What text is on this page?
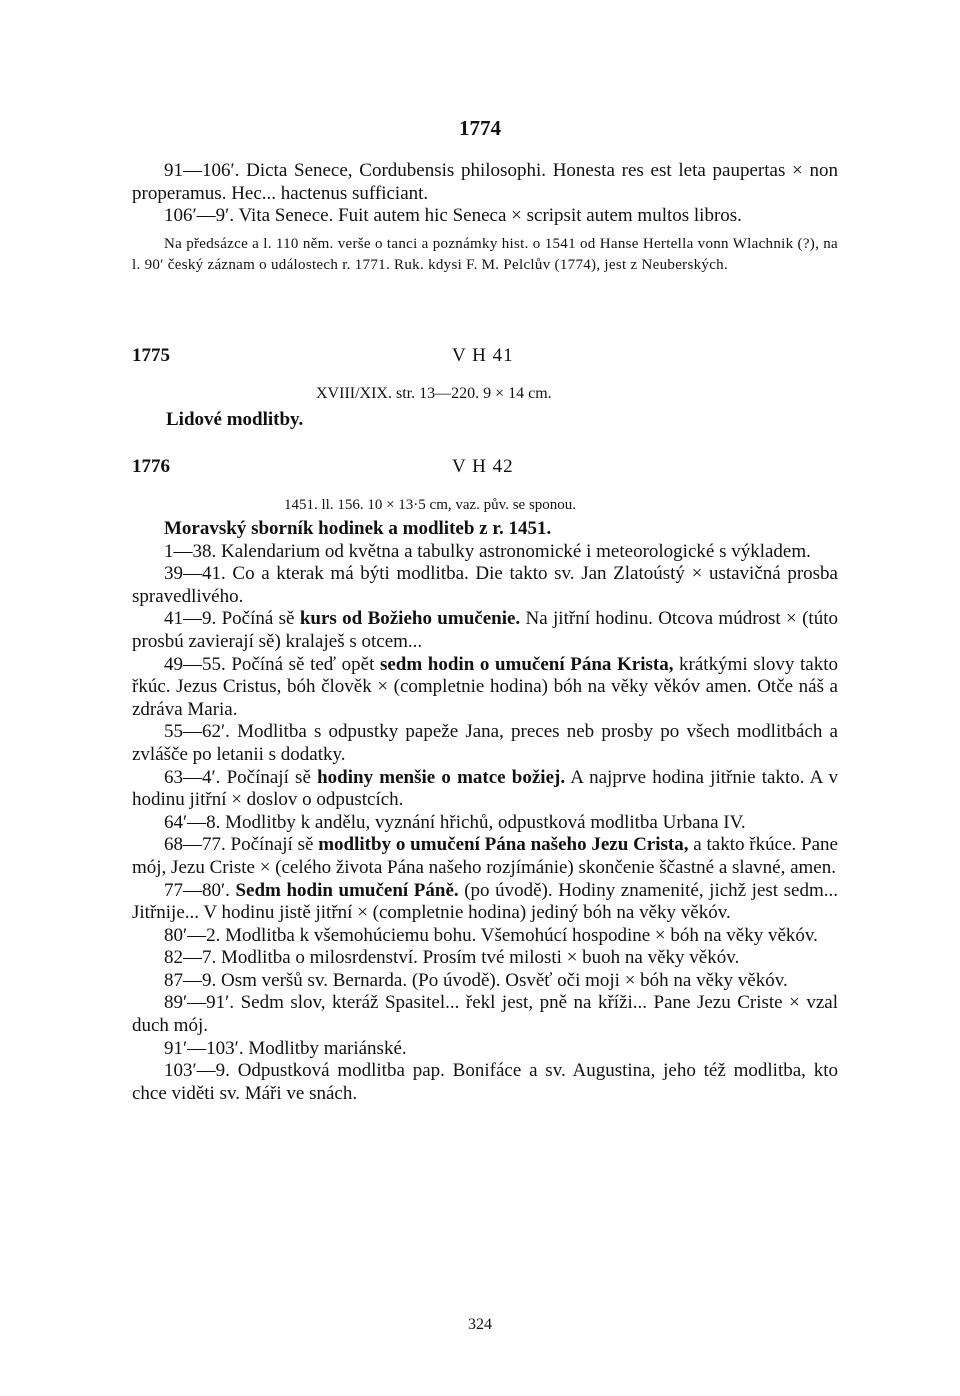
1774

91—106′. Dicta Senece, Cordubensis philosophi. Honesta res est leta paupertas × non properamus. Hec... hactenus sufficiant.

106′—9′. Vita Senece. Fuit autem hic Seneca × scripsit autem multos libros.

Na předsázce a l. 110 něm. verše o tanci a poznámky hist. o 1541 od Hanse Hertella vonn Wlachnik (?), na l. 90′ český záznam o událostech r. 1771. Ruk. kdysi F. M. Pelclův (1774), jest z Neuberských.

1775	V H 41
XVIII/XIX. str. 13—220. 9 × 14 cm.
Lidové modlitby.
1776	V H 42
1451. ll. 156. 10 × 13·5 cm, vaz. pův. se sponou.

Moravský sborník hodinek a modliteb z r. 1451.

1—38. Kalendarium od května a tabulky astronomické i meteorologické s výkladem.

39—41. Co a kterak má býti modlitba. Die takto sv. Jan Zlatoústý × ustavičná prosba spravedlivého.

41—9. Počíná sě kurs od Božieho umučenie. Na jitřní hodinu. Otcova múdrost × (túto prosbú zavierají sě) kralaješ s otcem...

49—55. Počíná sě teď opět sedm hodin o umučení Pána Krista, krátkými slovy takto řkúc. Jezus Cristus, bóh člověk × (completnie hodina) bóh na věky věkóv amen. Otče náš a zdráva Maria.

55—62′. Modlitba s odpustky papeže Jana, preces neb prosby po všech modlitbách a zvlášče po letanii s dodatky.

63—4′. Počínají sě hodiny menšie o matce božiej. A najprve hodina jitřnie takto. A v hodinu jitřní × doslov o odpustcích.

64′—8. Modlitby k andělu, vyznání hřichů, odpustková modlitba Urbana IV.

68—77. Počínají sě modlitby o umučení Pána našeho Jezu Crista, a takto řkúce. Pane mój, Jezu Criste × (celého života Pána našeho rozjímánie) skončenie ščastné a slavné, amen.

77—80′. Sedm hodin umučení Páně. (po úvodě). Hodiny znamenité, jichž jest sedm... Jitřnije... V hodinu jistě jitřní × (completnie hodina) jediný bóh na věky věkóv.

80′—2. Modlitba k všemohúciemu bohu. Všemohúcí hospodine × bóh na věky věkóv.

82—7. Modlitba o milosrdenství. Prosím tvé milosti × buoh na věky věkóv.

87—9. Osm veršů sv. Bernarda. (Po úvodě). Osvěť oči moji × bóh na věky věkóv.

89′—91′. Sedm slov, kteráž Spasitel... řekl jest, pně na kříži... Pane Jezu Criste × vzal duch mój.

91′—103′. Modlitby mariánské.

103′—9. Odpustková modlitba pap. Bonifáce a sv. Augustina, jeho též modlitba, kto chce viděti sv. Máři ve snách.

324
